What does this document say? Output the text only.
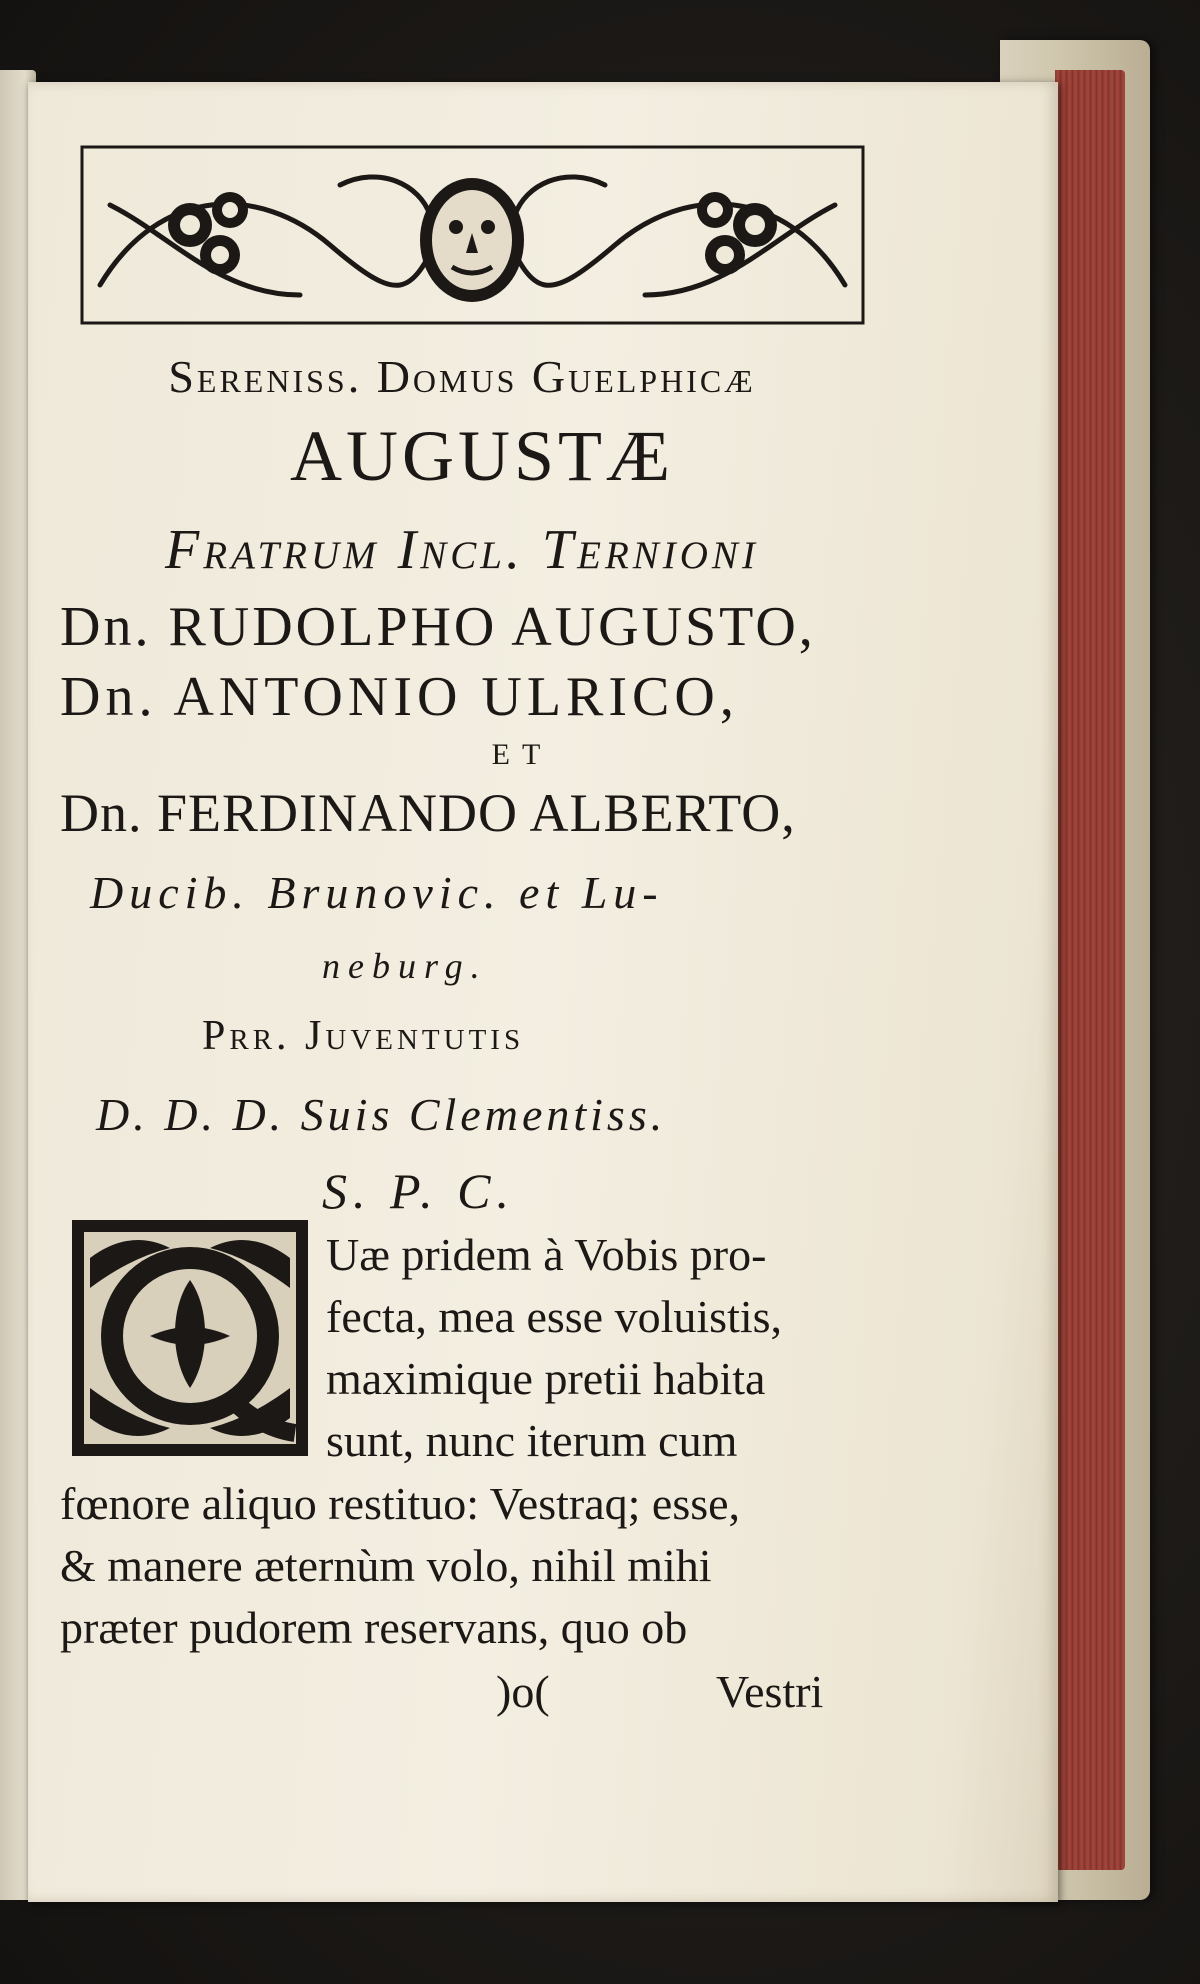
Sereniss. Domus Guelphicæ
AUGUSTÆ
Fratrum Incl. Ternioni
Dn. RUDOLPHO AUGUSTO,
Dn. ANTONIO ULRICO,
ET
Dn. FERDINANDO ALBERTO,
Ducib. Brunovic. et Lu-
neburg.
Prr. Juventutis
D. D. D. Suis Clementiss.
S. P. C.
Uæ pridem à Vobis pro-
fecta, mea esse voluistis,
maximique pretii habita
sunt, nunc iterum cum
fœnore aliquo restituo: Vestraq; esse,
& manere æternùm volo, nihil mihi
præter pudorem reservans, quo ob
)o(	Vestri
